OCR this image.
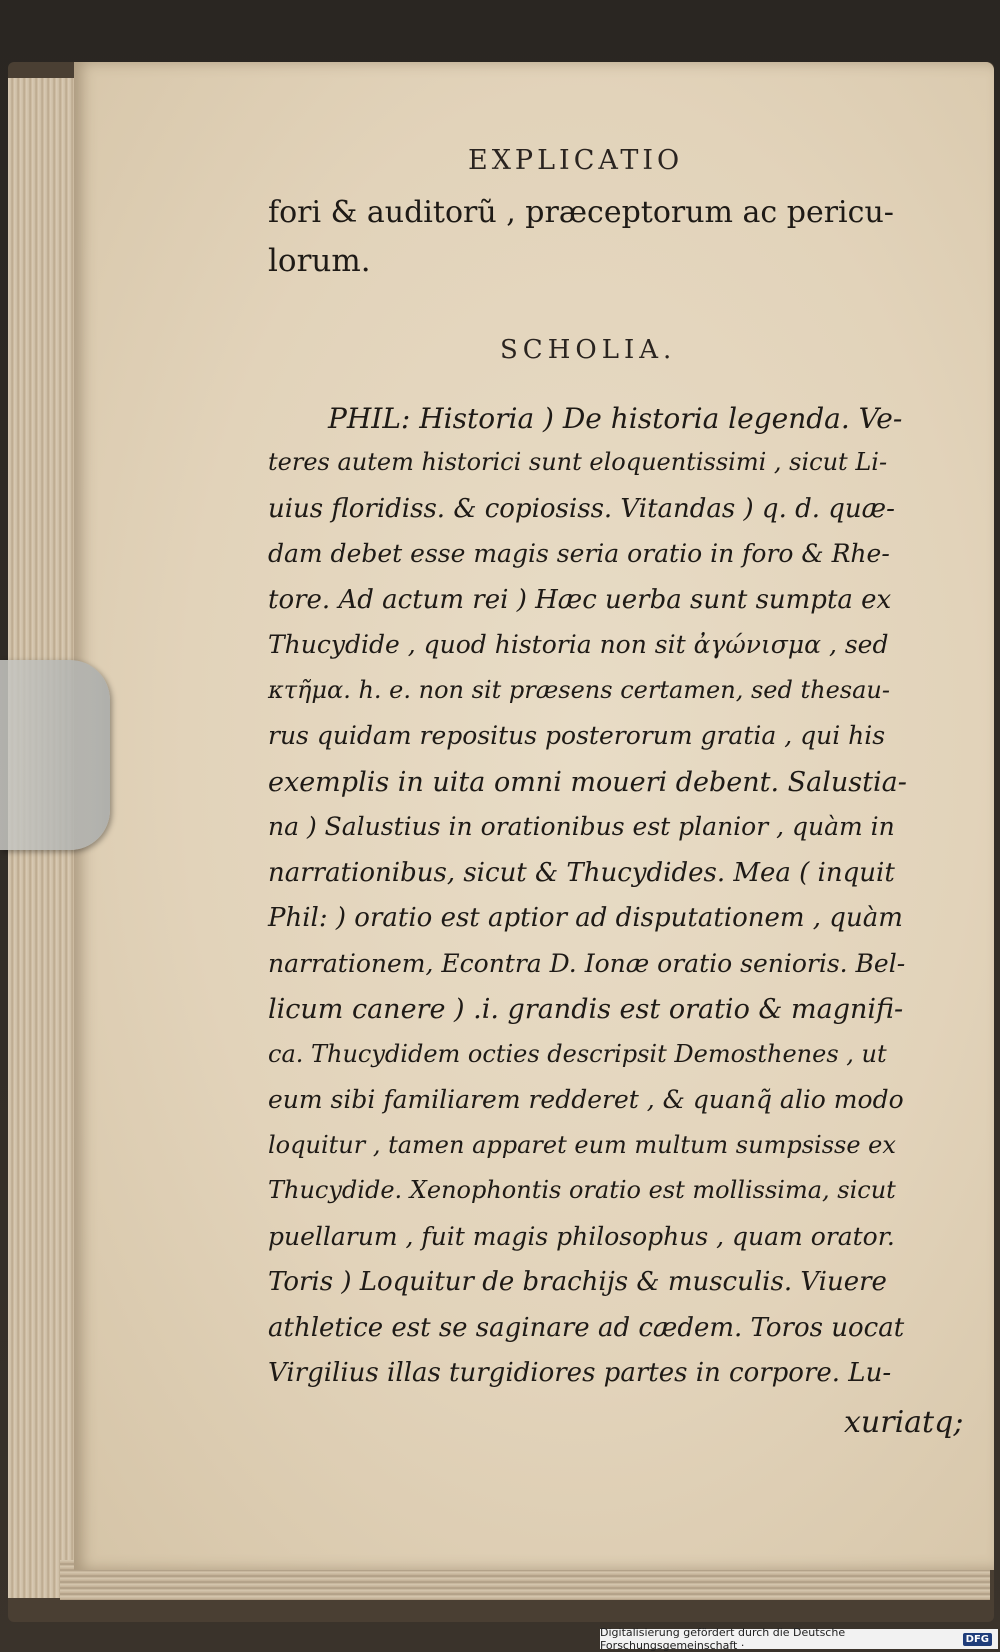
EXPLICATIO
fori & auditorũ , præceptorum ac pericu-
lorum.
SCHOLIA.
PHIL: Historia ) De historia legenda. Ve-
teres autem historici sunt eloquentissimi , sicut Li-
uius floridiss. & copiosiss. Vitandas ) q. d. quæ-
dam debet esse magis seria oratio in foro & Rhe-
tore. Ad actum rei ) Hæc uerba sunt sumpta ex
Thucydide , quod historia non sit ἀγώνισμα , sed
κτῆμα. h. e. non sit præsens certamen, sed thesau-
rus quidam repositus posterorum gratia , qui his
exemplis in uita omni moueri debent. Salustia-
na ) Salustius in orationibus est planior , quàm in
narrationibus, sicut & Thucydides. Mea ( inquit
Phil: ) oratio est aptior ad disputationem , quàm
narrationem, Econtra D. Ionæ oratio senioris. Bel-
licum canere ) .i. grandis est oratio & magnifi-
ca. Thucydidem octies descripsit Demosthenes , ut
eum sibi familiarem redderet , & quanq̃ alio modo
loquitur , tamen apparet eum multum sumpsisse ex
Thucydide. Xenophontis oratio est mollissima, sicut
puellarum , fuit magis philosophus , quam orator.
Toris ) Loquitur de brachijs & musculis. Viuere
athletice est se saginare ad cædem. Toros uocat
Virgilius illas turgidiores partes in corpore. Lu-
xuriatq;
Digitalisierung gefördert durch die Deutsche Forschungsgemeinschaft ·	DFG
